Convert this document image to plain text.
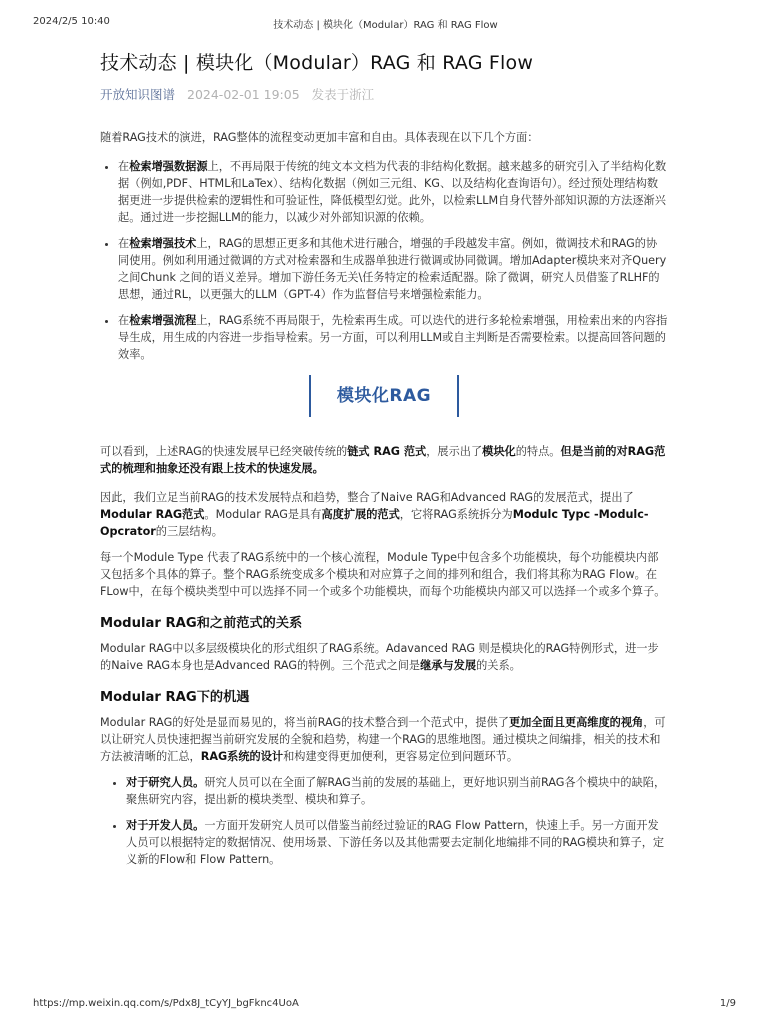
2024/2/5 10:40	技术动态 | 模块化（Modular）RAG 和 RAG Flow
技术动态 | 模块化（Modular）RAG 和 RAG Flow
开放知识图谱 2024-02-01 19:05 发表于浙江

随着RAG技术的演进，RAG整体的流程变动更加丰富和自由。具体表现在以下几个方面：

• 在检索增强数据源上，不再局限于传统的纯文本文档为代表的非结构化数据。越来越多的研究引入了半结构化数据（例如,PDF、HTML和LaTex）、结构化数据（例如三元组、KG、以及结构化查询语句）。经过预处理结构数据更进一步提供检索的逻辑性和可验证性，降低模型幻觉。此外，以检索LLM自身代替外部知识源的方法逐渐兴起。通过进一步挖掘LLM的能力，以减少对外部知识源的依赖。
• 在检索增强技术上，RAG的思想正更多和其他术进行融合，增强的手段越发丰富。例如，微调技术和RAG的协同使用。例如利用通过微调的方式对检索器和生成器单独进行微调或协同微调。增加Adapter模块来对齐Query之间Chunk 之间的语义差异。增加下游任务无关\任务特定的检索适配器。除了微调，研究人员借鉴了RLHF的思想，通过RL，以更强大的LLM（GPT-4）作为监督信号来增强检索能力。
• 在检索增强流程上，RAG系统不再局限于，先检索再生成。可以迭代的进行多轮检索增强，用检索出来的内容指导生成，用生成的内容进一步指导检索。另一方面，可以利用LLM或自主判断是否需要检索。以提高回答问题的效率。
模块化RAG

可以看到，上述RAG的快速发展早已经突破传统的链式 RAG 范式，展示出了模块化的特点。但是当前的对RAG范式的梳理和抽象还没有跟上技术的快速发展。

因此，我们立足当前RAG的技术发展特点和趋势，整合了Naive RAG和Advanced RAG的发展范式，提出了Modular RAG范式。Modular RAG是具有高度扩展的范式，它将RAG系统拆分为Modulc Typc -Modulc-Opcrator的三层结构。

每一个Module Type 代表了RAG系统中的一个核心流程，Module Type中包含多个功能模块，每个功能模块内部又包括多个具体的算子。整个RAG系统变成多个模块和对应算子之间的排列和组合，我们将其称为RAG Flow。在FLow中，在每个模块类型中可以选择不同一个或多个功能模块，而每个功能模块内部又可以选择一个或多个算子。

Modular RAG和之前范式的关系

Modular RAG中以多层级模块化的形式组织了RAG系统。Adavanced RAG 则是模块化的RAG特例形式，进一步的Naive RAG本身也是Advanced RAG的特例。三个范式之间是继承与发展的关系。

Modular RAG下的机遇

Modular RAG的好处是显而易见的，将当前RAG的技术整合到一个范式中，提供了更加全面且更高维度的视角，可以让研究人员快速把握当前研究发展的全貌和趋势，构建一个RAG的思维地图。通过模块之间编排，相关的技术和方法被清晰的汇总，RAG系统的设计和构建变得更加便利，更容易定位到问题环节。

• 对于研究人员。研究人员可以在全面了解RAG当前的发展的基础上，更好地识别当前RAG各个模块中的缺陷，聚焦研究内容，提出新的模块类型、模块和算子。
• 对于开发人员。一方面开发研究人员可以借鉴当前经过验证的RAG Flow Pattern，快速上手。另一方面开发人员可以根据特定的数据情况、使用场景、下游任务以及其他需要去定制化地编排不同的RAG模块和算子，定义新的Flow和 Flow Pattern。
https://mp.weixin.qq.com/s/Pdx8J_tCyYJ_bgFknc4UoA	1/9
